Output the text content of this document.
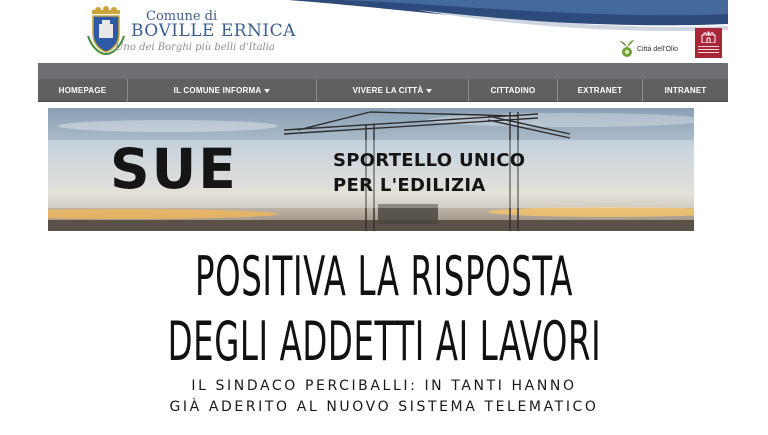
Comune di
BOVILLE ERNICA
Uno dei Borghi più belli d'Italia	Città dell'Olio
HOMEPAGE	IL COMUNE INFORMA	VIVERE LA CITTÀ	CITTADINO	EXTRANET	INTRANET
SUE	SPORTELLO UNICO
PER L'EDILIZIA
POSITIVA LA RISPOSTA
DEGLI ADDETTI AI LAVORI
IL SINDACO PERCIBALLI: IN TANTI HANNO
GIÀ ADERITO AL NUOVO SISTEMA TELEMATICO
